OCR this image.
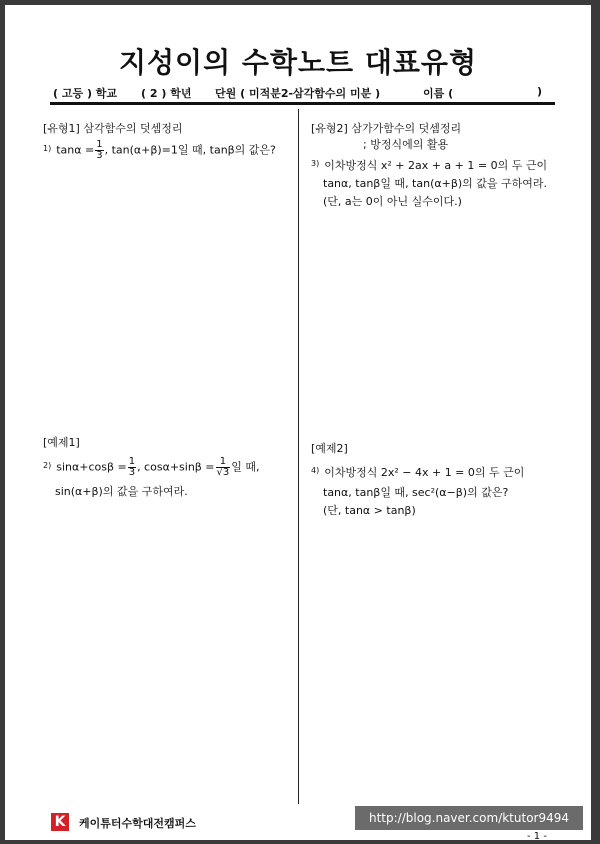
지성이의 수학노트 대표유형
( 고등 ) 학교 ( 2 ) 학년 단원 ( 미적분2-삼각함수의 미분 )	이름 (	)
[유형1] 삼각함수의 덧셈정리
$^{1)}$ $\tan\alpha = \frac{1}{3}$ , tan(α+β)=1일 때, tanβ의 값은?
[예제1]
$^{2)}$ $\sin\alpha+\cos\beta = \frac{1}{3}$ , $\cos\alpha+\sin\beta = \frac{1}{√3}$ 일 때,
sin(α+β)의 값을 구하여라.
[유형2] 삼가가함수의 덧셈정리
; 방정식에의 활용
$^{3)}$ 이차방정식 x² + 2ax + a + 1 = 0의 두 근이
tanα, tanβ일 때, tan(α+β)의 값을 구하여라.
(단, a는 0이 아닌 실수이다.)
[예제2]
$^{4)}$ 이차방정식 2x² − 4x + 1 = 0의 두 근이
tanα, tanβ일 때, sec²(α−β)의 값은?
(단, tanα > tanβ)
K	케이튜터수학대전캠퍼스	http://blog.naver.com/ktutor9494
- 1 -
